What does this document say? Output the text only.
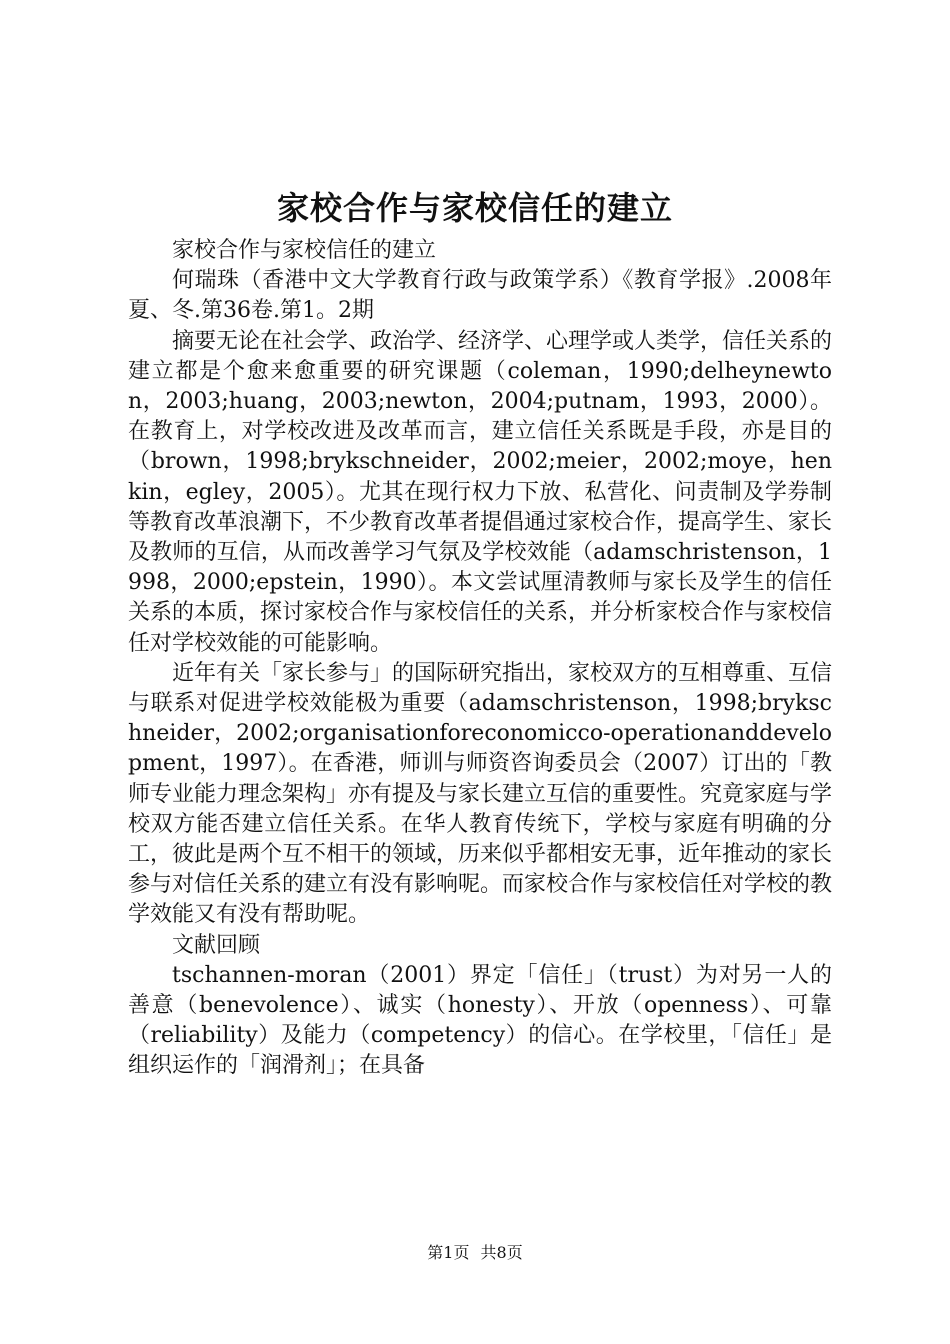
家校合作与家校信任的建立

家校合作与家校信任的建立

何瑞珠（香港中文大学教育行政与政策学系）《教育学报》.2008年夏、冬.第36卷.第1。2期

摘要无论在社会学、政治学、经济学、心理学或人类学，信任关系的建立都是个愈来愈重要的研究课题（coleman，1990;delheynewton，2003;huang，2003;newton，2004;putnam，1993，2000）。在教育上，对学校改进及改革而言，建立信任关系既是手段，亦是目的（brown，1998;brykschneider，2002;meier，2002;moye，henkin，egley，2005）。尤其在现行权力下放、私营化、问责制及学券制等教育改革浪潮下，不少教育改革者提倡通过家校合作，提高学生、家长及教师的互信，从而改善学习气氛及学校效能（adamschristenson，1998，2000;epstein，1990）。本文尝试厘清教师与家长及学生的信任关系的本质，探讨家校合作与家校信任的关系，并分析家校合作与家校信任对学校效能的可能影响。

近年有关「家长参与」的国际研究指出，家校双方的互相尊重、互信与联系对促进学校效能极为重要（adamschristenson，1998;brykschneider，2002;organisationforeconomicco-operationanddevelopment，1997）。在香港，师训与师资咨询委员会（2007）订出的「教师专业能力理念架构」亦有提及与家长建立互信的重要性。究竟家庭与学校双方能否建立信任关系。在华人教育传统下，学校与家庭有明确的分工，彼此是两个互不相干的领域，历来似乎都相安无事，近年推动的家长参与对信任关系的建立有没有影响呢。而家校合作与家校信任对学校的教学效能又有没有帮助呢。

文献回顾

tschannen-moran（2001）界定「信任」（trust）为对另一人的善意（benevolence）、诚实（honesty）、开放（openness）、可靠（reliability）及能力（competency）的信心。在学校里，「信任」是组织运作的「润滑剂」；在具备

第1页 共8页
